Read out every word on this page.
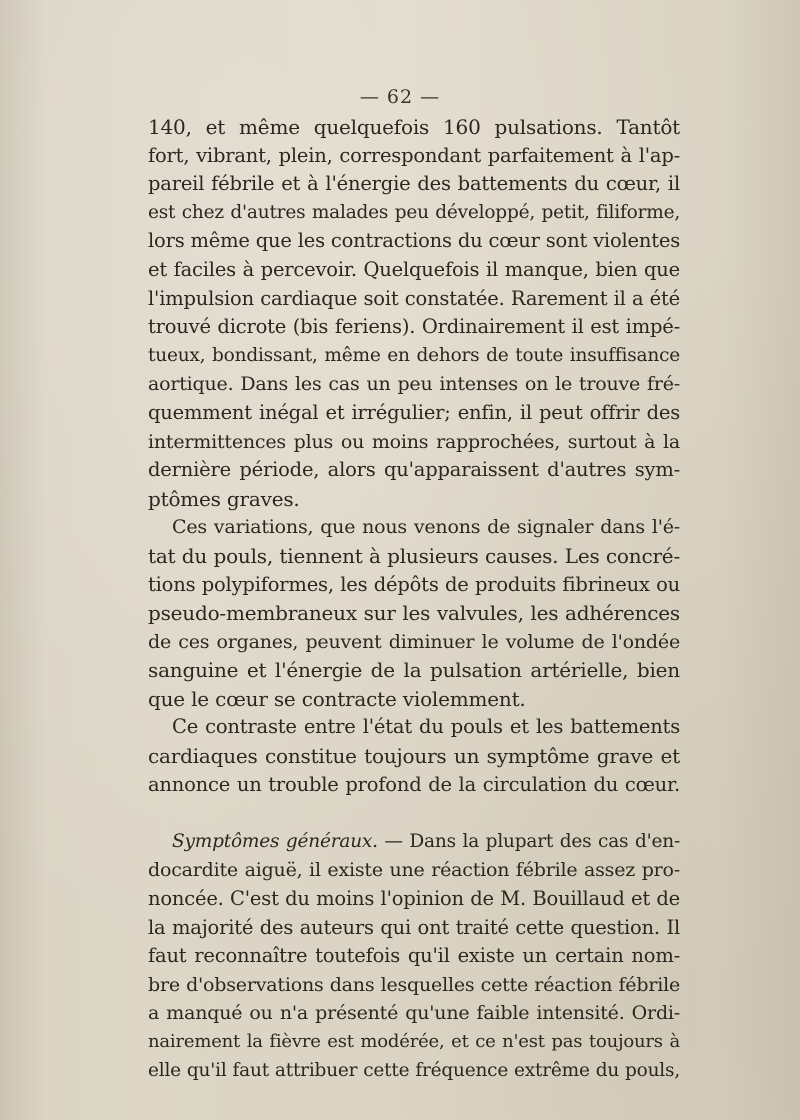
— 62 —
140, et même quelquefois 160 pulsations. Tantôt
fort, vibrant, plein, correspondant parfaitement à l'ap-
pareil fébrile et à l'énergie des battements du cœur, il
est chez d'autres malades peu développé, petit, filiforme,
lors même que les contractions du cœur sont violentes
et faciles à percevoir. Quelquefois il manque, bien que
l'impulsion cardiaque soit constatée. Rarement il a été
trouvé dicrote (bis feriens). Ordinairement il est impé-
tueux, bondissant, même en dehors de toute insuffisance
aortique. Dans les cas un peu intenses on le trouve fré-
quemment inégal et irrégulier; enfin, il peut offrir des
intermittences plus ou moins rapprochées, surtout à la
dernière période, alors qu'apparaissent d'autres sym-
ptômes graves.
Ces variations, que nous venons de signaler dans l'é-
tat du pouls, tiennent à plusieurs causes. Les concré-
tions polypiformes, les dépôts de produits fibrineux ou
pseudo-membraneux sur les valvules, les adhérences
de ces organes, peuvent diminuer le volume de l'ondée
sanguine et l'énergie de la pulsation artérielle, bien
que le cœur se contracte violemment.
Ce contraste entre l'état du pouls et les battements
cardiaques constitue toujours un symptôme grave et
annonce un trouble profond de la circulation du cœur.
Symptômes généraux. — Dans la plupart des cas d'en-
docardite aiguë, il existe une réaction fébrile assez pro-
noncée. C'est du moins l'opinion de M. Bouillaud et de
la majorité des auteurs qui ont traité cette question. Il
faut reconnaître toutefois qu'il existe un certain nom-
bre d'observations dans lesquelles cette réaction fébrile
a manqué ou n'a présenté qu'une faible intensité. Ordi-
nairement la fièvre est modérée, et ce n'est pas toujours à
elle qu'il faut attribuer cette fréquence extrême du pouls,
